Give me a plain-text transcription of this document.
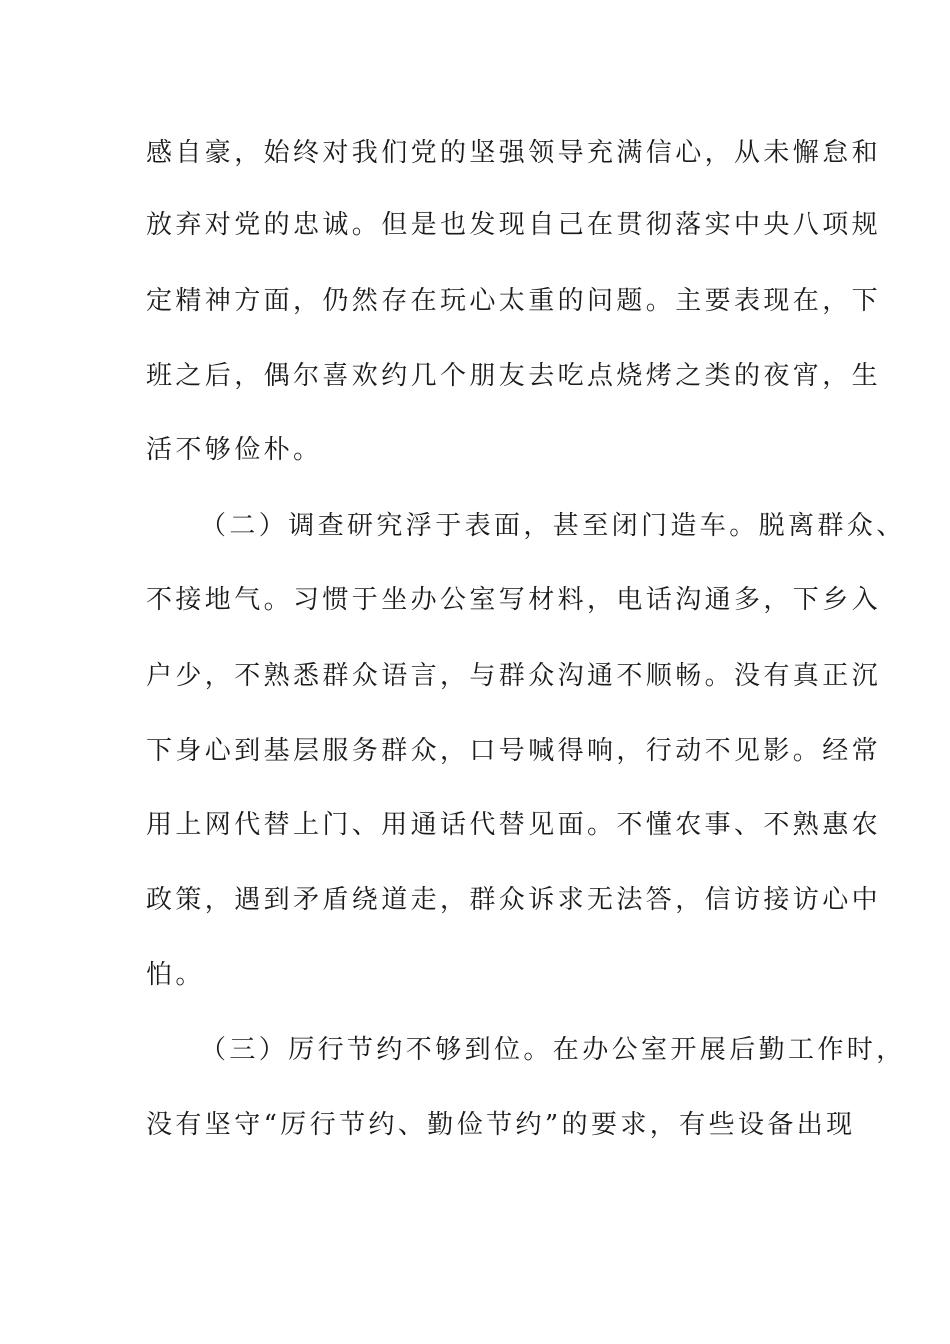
感自豪，始终对我们党的坚强领导充满信心，从未懈怠和
放弃对党的忠诚。但是也发现自己在贯彻落实中央八项规
定精神方面，仍然存在玩心太重的问题。主要表现在，下
班之后，偶尔喜欢约几个朋友去吃点烧烤之类的夜宵，生
活不够俭朴。
（二）调查研究浮于表面，甚至闭门造车。脱离群众、
不接地气。习惯于坐办公室写材料，电话沟通多，下乡入
户少，不熟悉群众语言，与群众沟通不顺畅。没有真正沉
下身心到基层服务群众，口号喊得响，行动不见影。经常
用上网代替上门、用通话代替见面。不懂农事、不熟惠农
政策，遇到矛盾绕道走，群众诉求无法答，信访接访心中
怕。
（三）厉行节约不够到位。在办公室开展后勤工作时，
没有坚守“厉行节约、勤俭节约”的要求，有些设备出现
